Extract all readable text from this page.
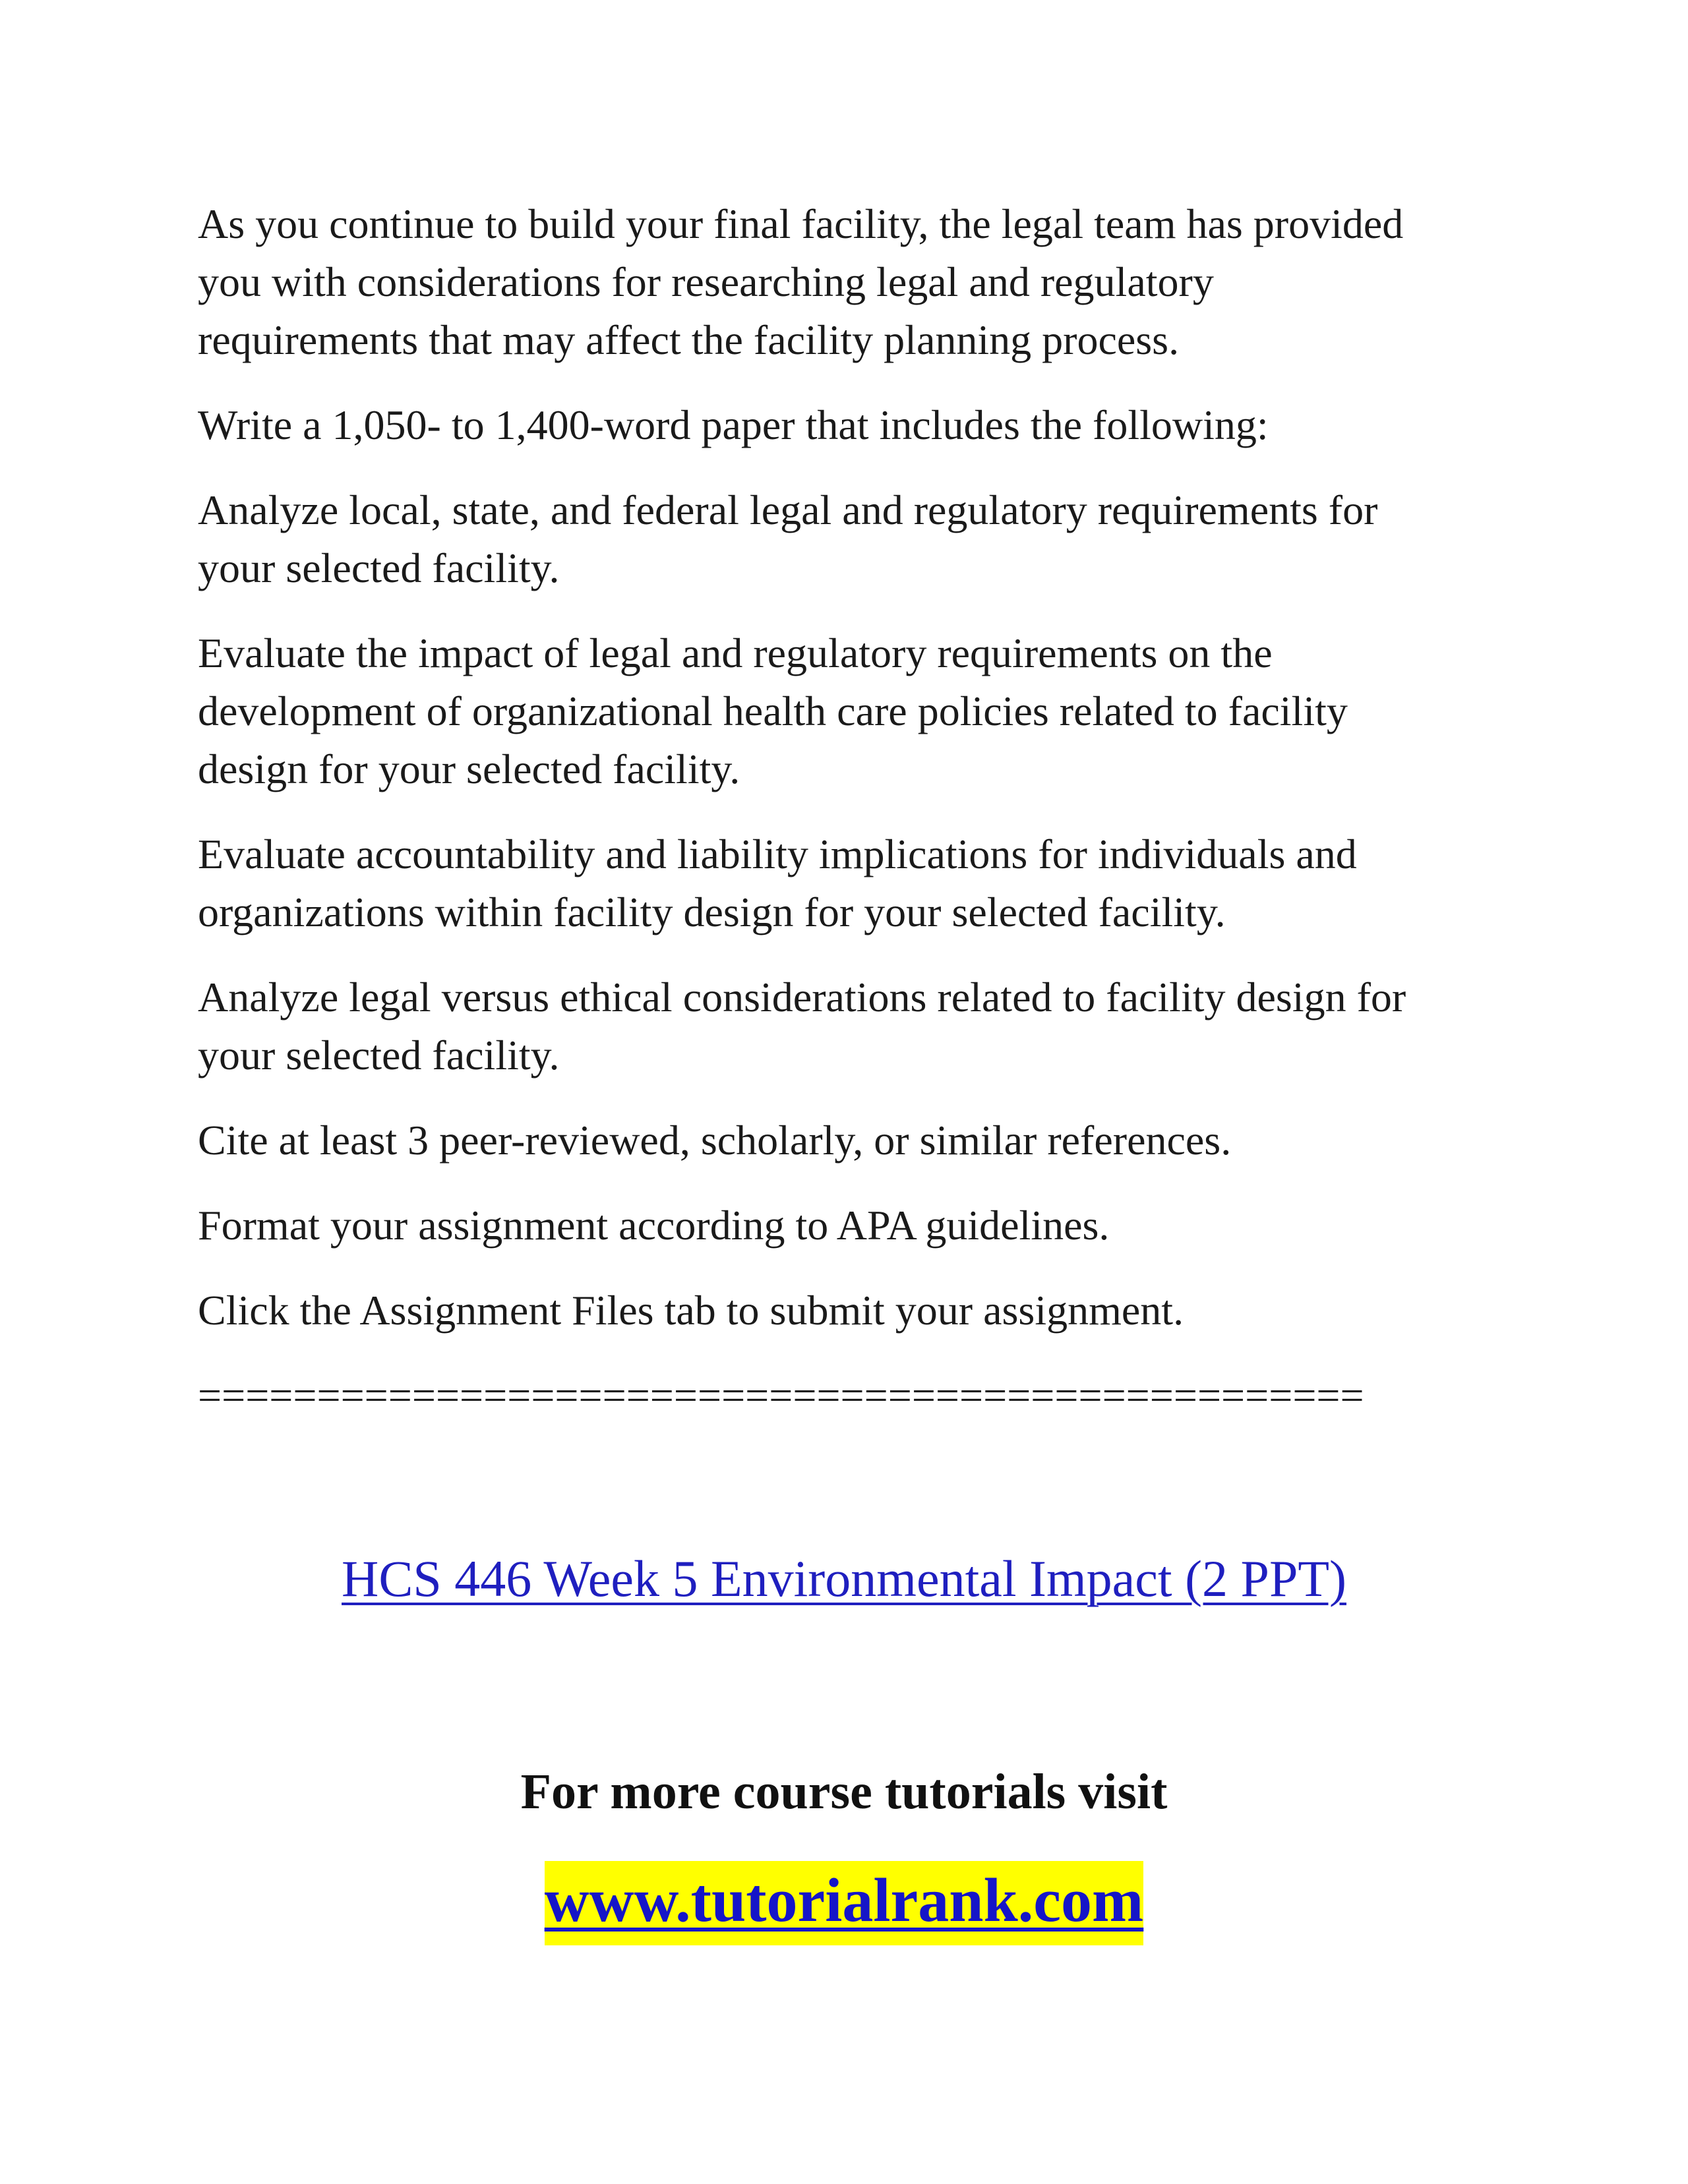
As you continue to build your final facility, the legal team has provided
you with considerations for researching legal and regulatory
requirements that may affect the facility planning process.

Write a 1,050- to 1,400-word paper that includes the following:

Analyze local, state, and federal legal and regulatory requirements for
your selected facility.

Evaluate the impact of legal and regulatory requirements on the
development of organizational health care policies related to facility
design for your selected facility.

Evaluate accountability and liability implications for individuals and
organizations within facility design for your selected facility.

Analyze legal versus ethical considerations related to facility design for
your selected facility.

Cite at least 3 peer-reviewed, scholarly, or similar references.

Format your assignment according to APA guidelines.

Click the Assignment Files tab to submit your assignment.

=================================================

HCS 446 Week 5 Environmental Impact (2 PPT)
For more course tutorials visit
www.tutorialrank.com
